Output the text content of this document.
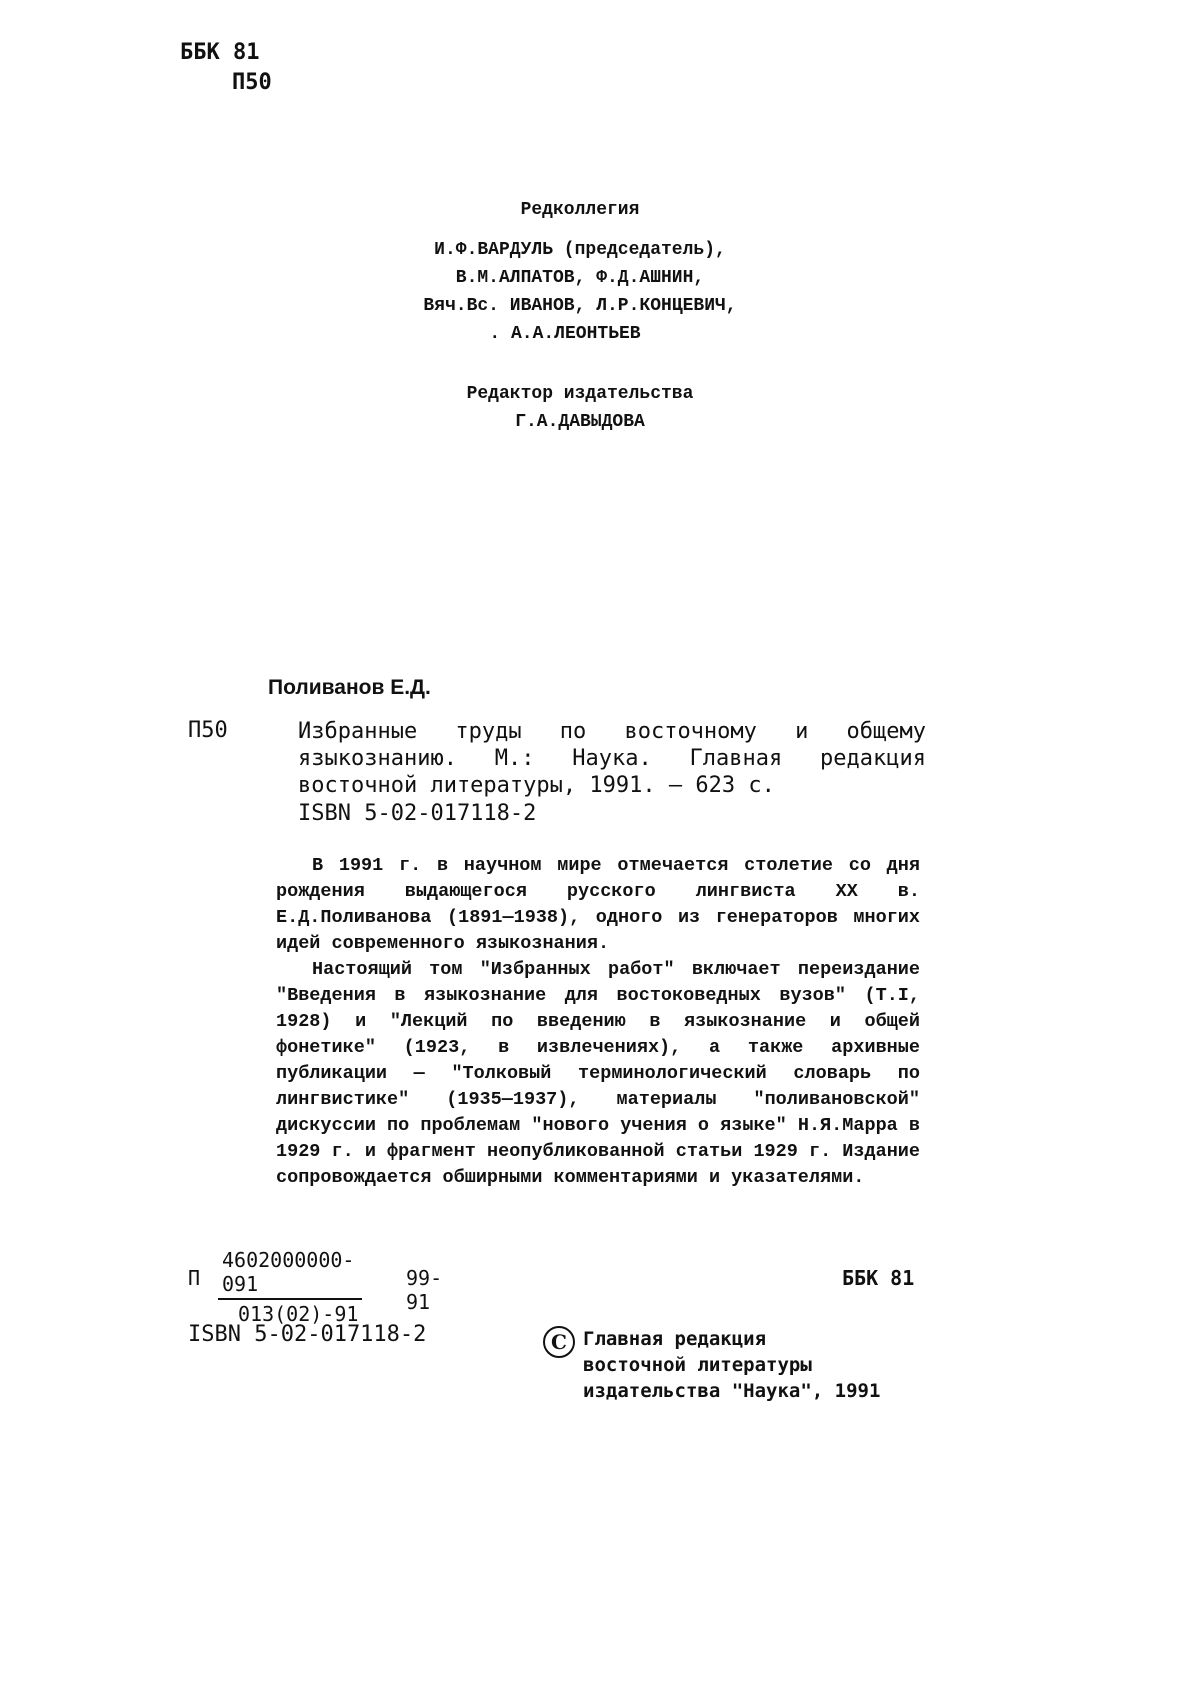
ББК 81
П50
Редколлегия
И.Ф.ВАРДУЛЬ (председатель),
В.М.АЛПАТОВ, Ф.Д.АШНИН,
Вяч.Вс. ИВАНОВ, Л.Р.КОНЦЕВИЧ,
. А.А.ЛЕОНТЬЕВ
Редактор издательства
Г.А.ДАВЫДОВА
Поливанов Е.Д.
П50	Избранные труды по восточному и общему языкознанию. М.: Наука. Главная редакция восточной литературы, 1991. — 623 с.
ISBN 5-02-017118-2

В 1991 г. в научном мире отмечается столетие со дня рождения выдающегося русского лингвиста XX в. Е.Д.Поливанова (1891—1938), одного из генераторов многих идей современного языкознания.

Настоящий том "Избранных работ" включает переиздание "Введения в языкознание для востоковедных вузов" (Т.I, 1928) и "Лекций по введению в языкознание и общей фонетике" (1923, в извлечениях), а также архивные публикации — "Толковый терминологический словарь по лингвистике" (1935—1937), материалы "поливановской" дискуссии по проблемам "нового учения о языке" Н.Я.Марра в 1929 г. и фрагмент неопубликованной статьи 1929 г. Издание сопровождается обширными комментариями и указателями.

П $\frac{4602000000-091}{013(02)-91} 99-91$
ББК 81
ISBN 5-02-017118-2	C Главная редакция
восточной литературы
издательства "Наука", 1991
